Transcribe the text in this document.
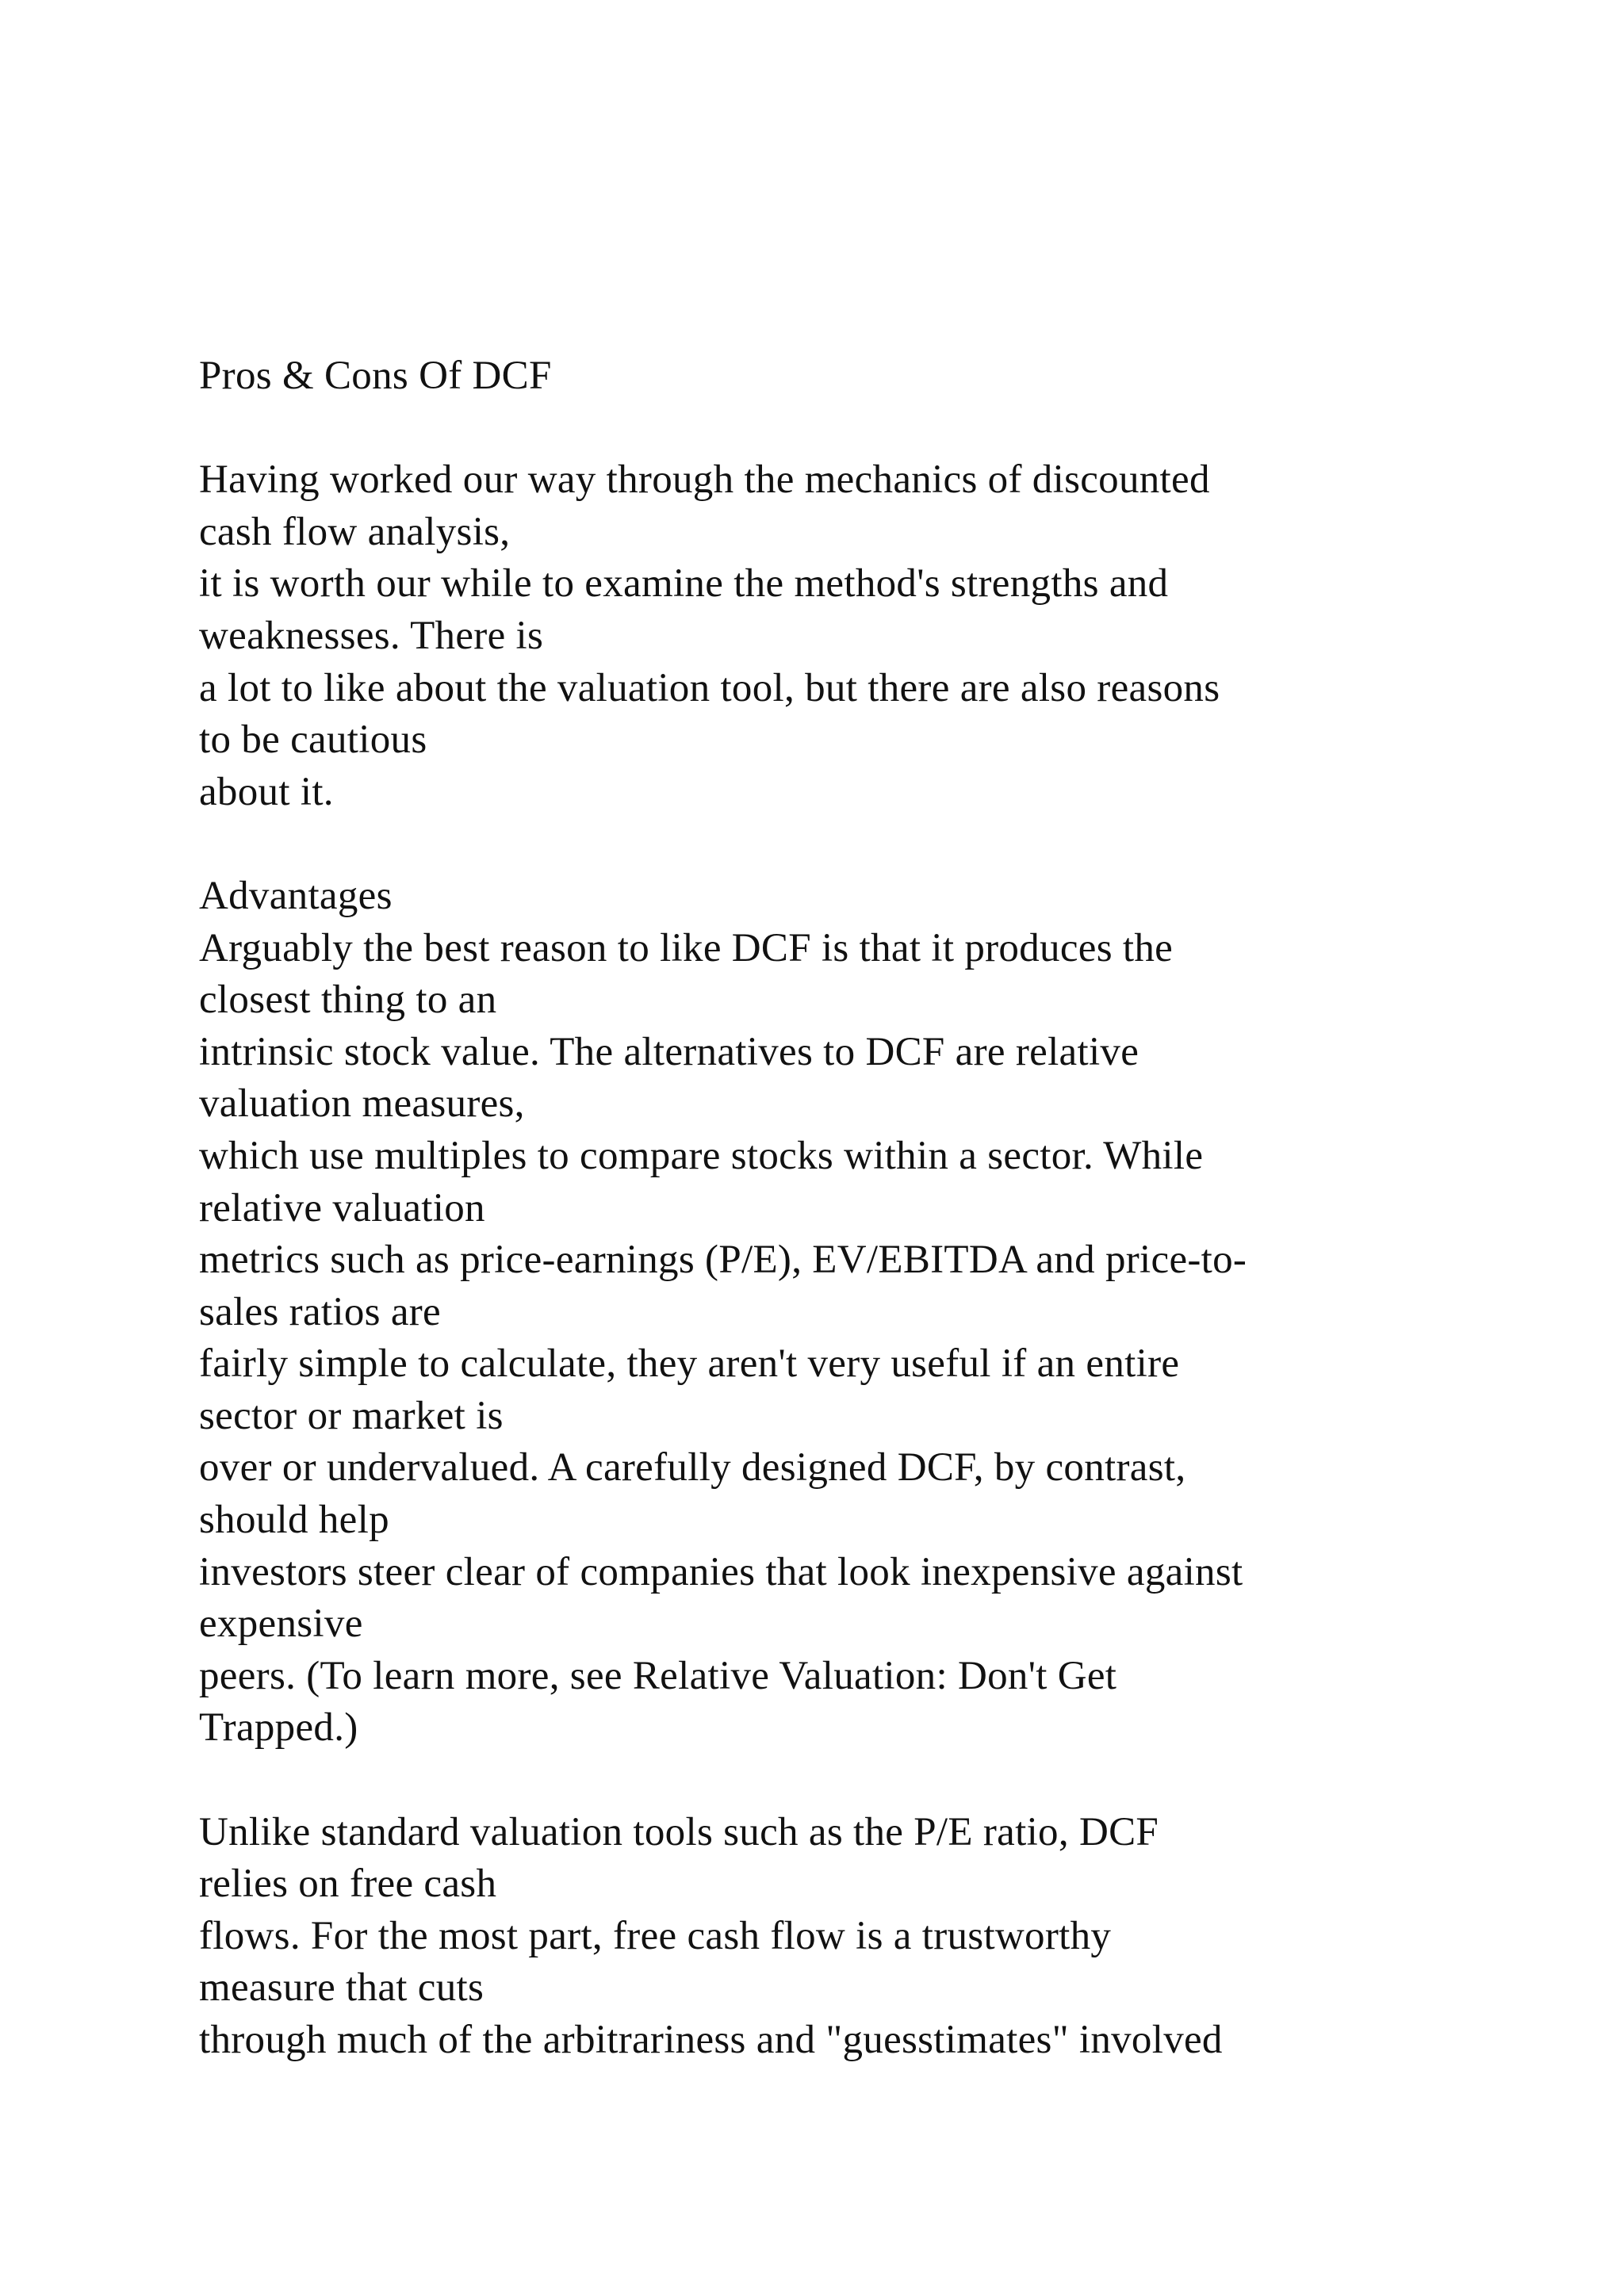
Pros & Cons Of DCF
Having worked our way through the mechanics of discounted
cash flow analysis,
it is worth our while to examine the method's strengths and
weaknesses. There is
a lot to like about the valuation tool, but there are also reasons
to be cautious
about it.
Advantages
Arguably the best reason to like DCF is that it produces the
closest thing to an
intrinsic stock value. The alternatives to DCF are relative
valuation measures,
which use multiples to compare stocks within a sector. While
relative valuation
metrics such as price-earnings (P/E), EV/EBITDA and price-to-
sales ratios are
fairly simple to calculate, they aren't very useful if an entire
sector or market is
over or undervalued. A carefully designed DCF, by contrast,
should help
investors steer clear of companies that look inexpensive against
expensive
peers. (To learn more, see Relative Valuation: Don't Get
Trapped.)
Unlike standard valuation tools such as the P/E ratio, DCF
relies on free cash
flows. For the most part, free cash flow is a trustworthy
measure that cuts
through much of the arbitrariness and "guesstimates" involved
